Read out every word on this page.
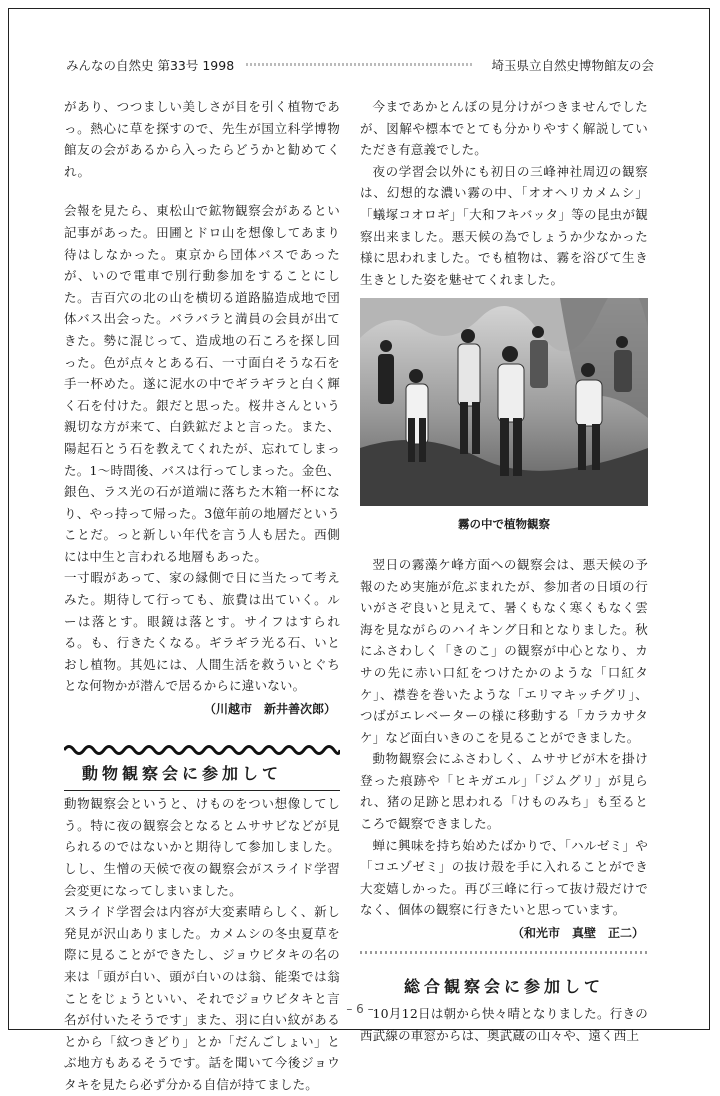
みんなの自然史 第33号 1998	埼玉県立自然史博物館友の会

があり、つつましい美しさが目を引く植物であっ。熱心に草を探すので、先生が国立科学博物館友の会があるから入ったらどうかと勧めてくれ。

会報を見たら、東松山で鉱物観察会があるとい記事があった。田圃とドロ山を想像してあまり待はしなかった。東京から団体バスであったが、いので電車で別行動参加をすることにした。吉百穴の北の山を横切る道路脇造成地で団体バス出会った。バラバラと満員の会員が出てきた。勢に混じって、造成地の石ころを探し回った。色が点々とある石、一寸面白そうな石を手一杯めた。遂に泥水の中でギラギラと白く輝く石を付けた。銀だと思った。桜井さんという親切な方が来て、白鉄鉱だよと言った。また、陽起石とう石を教えてくれたが、忘れてしまった。1～時間後、バスは行ってしまった。金色、銀色、ラス光の石が道端に落ちた木箱一杯になり、やっ持って帰った。3億年前の地層だということだ。っと新しい年代を言う人も居た。西側には中生と言われる地層もあった。

一寸暇があって、家の縁側で日に当たって考えみた。期待して行っても、旅費は出ていく。ルーは落とす。眼鏡は落とす。サイフはすられる。も、行きたくなる。ギラギラ光る石、いとおし植物。其処には、人間生活を救ういとぐちとな何物かが潜んで居るからに違いない。

（川越市　新井善次郎）
動物観察会に参加して

動物観察会というと、けものをつい想像してしう。特に夜の観察会となるとムササビなどが見られるのではないかと期待して参加しました。しし、生憎の天候で夜の観察会がスライド学習会変更になってしまいました。

スライド学習会は内容が大変素晴らしく、新し発見が沢山ありました。カメムシの冬虫夏草を際に見ることができたし、ジョウビタキの名の来は「頭が白い、頭が白いのは翁、能楽では翁ことをじょうといい、それでジョウビタキと言名が付いたそうです」また、羽に白い紋があるとから「紋つきどり」とか「だんごしょい」とぶ地方もあるそうです。話を聞いて今後ジョウタキを見たら必ず分かる自信が持てました。

今まであかとんぼの見分けがつきませんでしたが、図解や標本でとても分かりやすく解説していただき有意義でした。

夜の学習会以外にも初日の三峰神社周辺の観察は、幻想的な濃い霧の中、「オオヘリカメムシ」「蟻塚コオロギ」「大和フキバッタ」等の昆虫が観察出来ました。悪天候の為でしょうか少なかった様に思われました。でも植物は、霧を浴びて生き生きとした姿を魅せてくれました。

霧の中で植物観察

翌日の霧藻ケ峰方面への観察会は、悪天候の予報のため実施が危ぶまれたが、参加者の日頃の行いがさぞ良いと見えて、暑くもなく寒くもなく雲海を見ながらのハイキング日和となりました。秋にふさわしく「きのこ」の観察が中心となり、カサの先に赤い口紅をつけたかのような「口紅タケ」、襟巻を巻いたような「エリマキッチグリ」、つばがエレベーターの様に移動する「カラカサタケ」など面白いきのこを見ることができました。

動物観察会にふさわしく、ムササビが木を掛け登った痕跡や「ヒキガエル」「ジムグリ」が見られ、猪の足跡と思われる「けものみち」も至るところで観察できました。

蝉に興味を持ち始めたばかりで、「ハルゼミ」や「コエゾゼミ」の抜け殻を手に入れることができ大変嬉しかった。再び三峰に行って抜け殻だけでなく、個体の観察に行きたいと思っています。

（和光市　真壁　正二）
総合観察会に参加して

10月12日は朝から快々晴となりました。行きの西武線の車窓からは、奥武蔵の山々や、遠く西上

– 6 –
